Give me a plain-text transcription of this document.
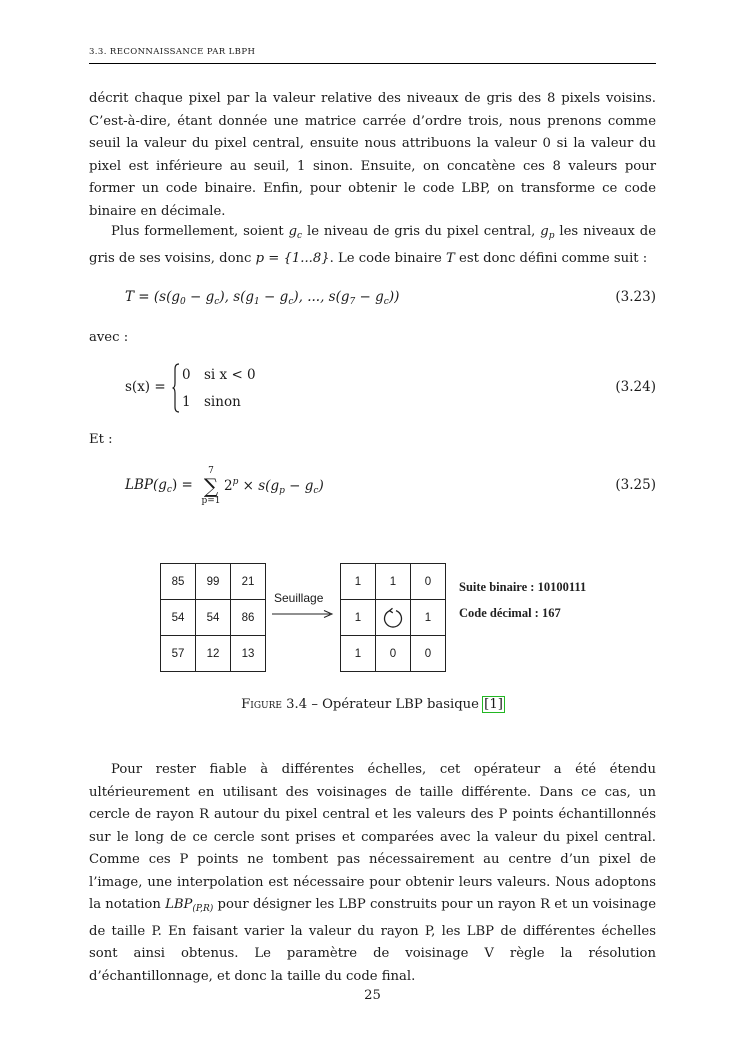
3.3. RECONNAISSANCE PAR LBPH

décrit chaque pixel par la valeur relative des niveaux de gris des 8 pixels voisins. C’est-à-dire, étant donnée une matrice carrée d’ordre trois, nous prenons comme seuil la valeur du pixel central, ensuite nous attribuons la valeur 0 si la valeur du pixel est inférieure au seuil, 1 sinon. Ensuite, on concatène ces 8 valeurs pour former un code binaire. Enfin, pour obtenir le code LBP, on transforme ce code binaire en décimale.

Plus formellement, soient $g_c$ le niveau de gris du pixel central, $g_p$ les niveaux de gris de ses voisins, donc p = {1...8}. Le code binaire T est donc défini comme suit :

$T = (s(g_0 - g_c)$, $s(g_1 - g_c)$, ..., $s(g_7 - g_c)$)	(3.23)
avec :
s(x) =
0 si x < 0
1 sinon
(3.24)
Et :
$LBP(g_c)$ =
7
∑
p=1
$2^p \times s(g_p - g_c)$	(3.25)
85	99	21
54	54	86
57	12	13
Seuillage
1	1	0
1		1
1	0	0
Suite binaire : 10100111
Code décimal : 167
Figure 3.4 – Opérateur LBP basique [1]

Pour rester fiable à différentes échelles, cet opérateur a été étendu ultérieurement en utilisant des voisinages de taille différente. Dans ce cas, un cercle de rayon R autour du pixel central et les valeurs des P points échantillonnés sur le long de ce cercle sont prises et comparées avec la valeur du pixel central. Comme ces P points ne tombent pas nécessairement au centre d’un pixel de l’image, une interpolation est nécessaire pour obtenir leurs valeurs. Nous adoptons la notation $LBP_{(P,R)}$ pour désigner les LBP construits pour un rayon R et un voisinage de taille P. En faisant varier la valeur du rayon P, les LBP de différentes échelles sont ainsi obtenus. Le paramètre de voisinage V règle la résolution d’échantillonnage, et donc la taille du code final.

25
